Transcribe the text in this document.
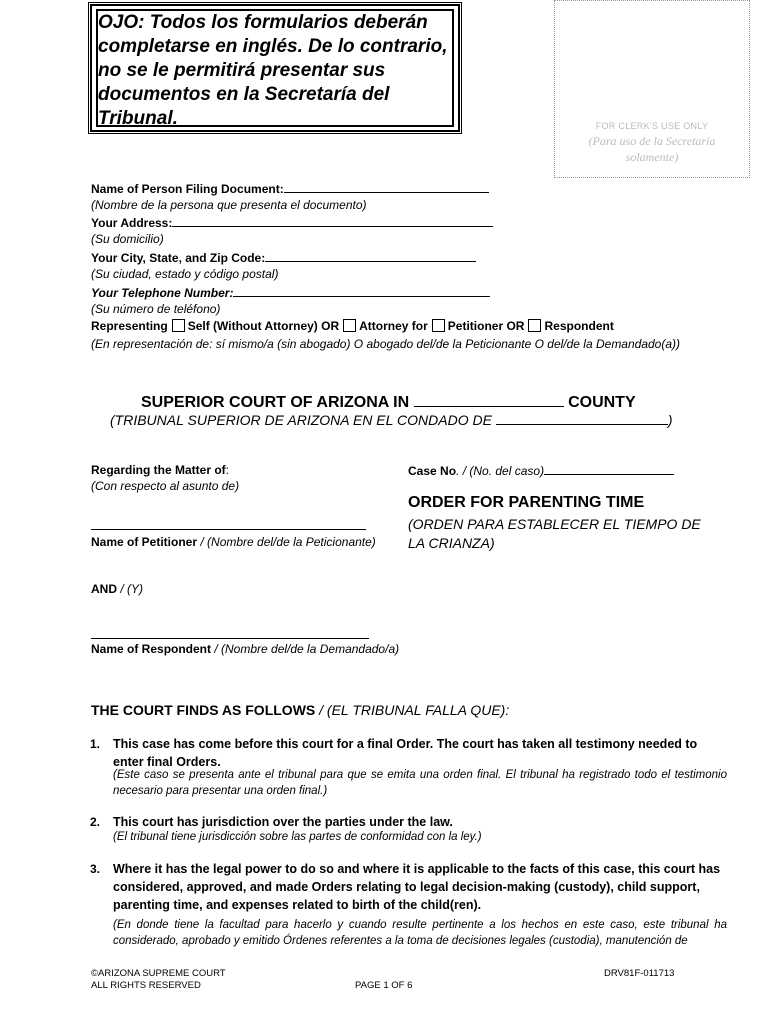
OJO: Todos los formularios deberán completarse en inglés. De lo contrario, no se le permitirá presentar sus documentos en la Secretaría del Tribunal.	FOR CLERK'S USE ONLY
(Para uso de la Secretaría solamente)
Name of Person Filing Document:
(Nombre de la persona que presenta el documento)
Your Address:
(Su domicilio)
Your City, State, and Zip Code:
(Su ciudad, estado y código postal)
Your Telephone Number:
(Su número de teléfono)
Representing Self (Without Attorney) OR Attorney for Petitioner OR Respondent
(En representación de: sí mismo/a (sin abogado) O abogado del/de la Peticionante O del/de la Demandado(a))
SUPERIOR COURT OF ARIZONA IN	COUNTY
(TRIBUNAL SUPERIOR DE ARIZONA EN EL CONDADO DE	)
Regarding the Matter of:
(Con respecto al asunto de)
Name of Petitioner / (Nombre del/de la Peticionante)
AND / (Y)
Name of Respondent / (Nombre del/de la Demandado/a)
Case No. / (No. del caso)
ORDER FOR PARENTING TIME
(ORDEN PARA ESTABLECER EL TIEMPO DE LA CRIANZA)
THE COURT FINDS AS FOLLOWS / (EL TRIBUNAL FALLA QUE):
1. This case has come before this court for a final Order. The court has taken all testimony needed to enter final Orders.
(Este caso se presenta ante el tribunal para que se emita una orden final. El tribunal ha registrado todo el testimonio necesario para presentar una orden final.)
2. This court has jurisdiction over the parties under the law.
(El tribunal tiene jurisdicción sobre las partes de conformidad con la ley.)
3. Where it has the legal power to do so and where it is applicable to the facts of this case, this court has considered, approved, and made Orders relating to legal decision-making (custody), child support, parenting time, and expenses related to birth of the child(ren).
(En donde tiene la facultad para hacerlo y cuando resulte pertinente a los hechos en este caso, este tribunal ha considerado, aprobado y emitido Órdenes referentes a la toma de decisiones legales (custodia), manutención de
©ARIZONA SUPREME COURT
ALL RIGHTS RESERVED	PAGE 1 OF 6
DRV81F-011713
